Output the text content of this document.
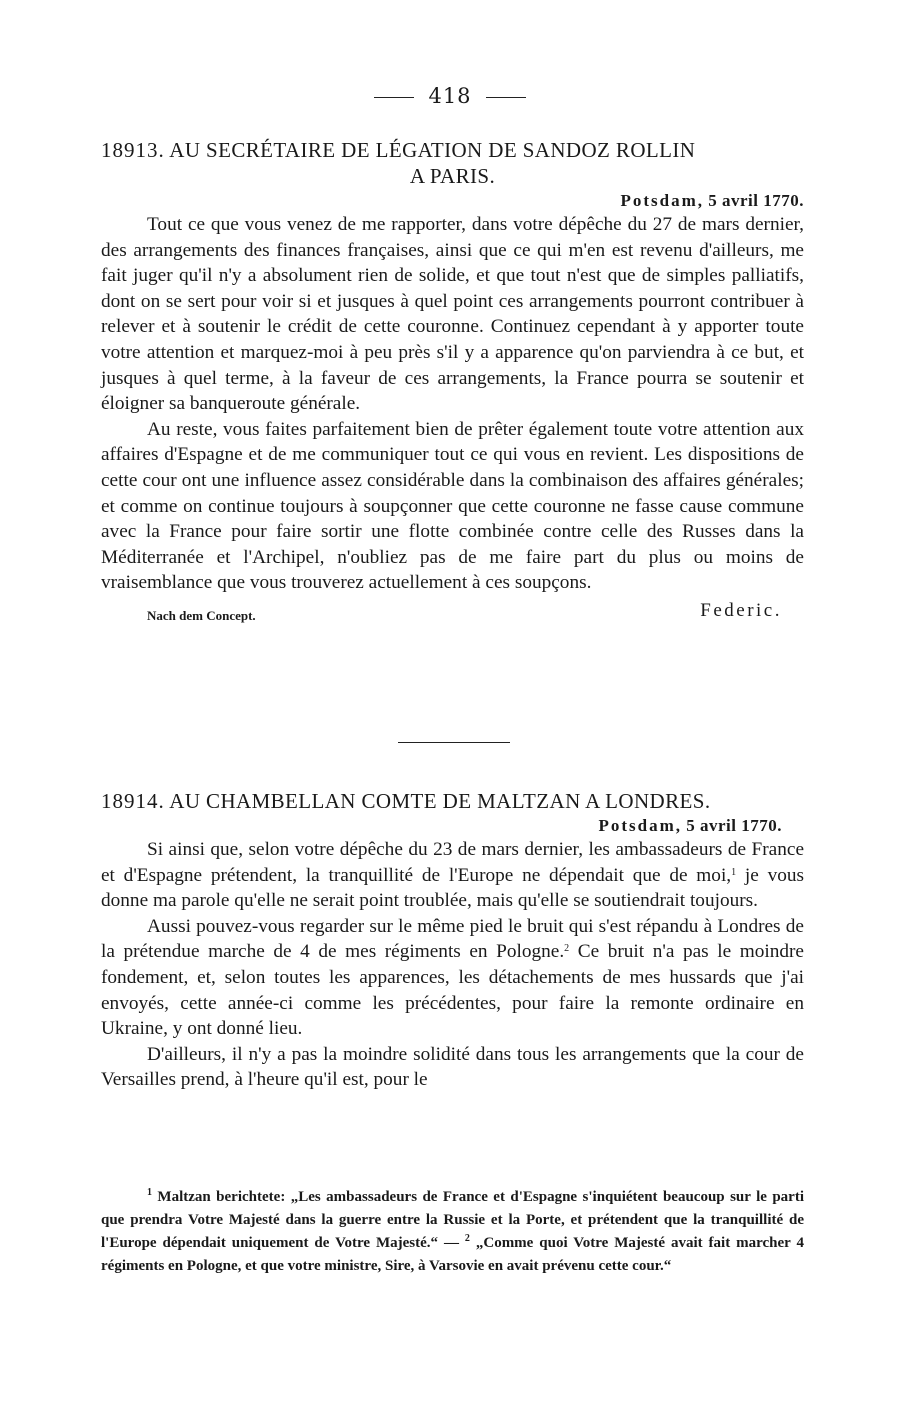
418
18913. AU SECRÉTAIRE DE LÉGATION DE SANDOZ ROLLIN
A PARIS.
Potsdam, 5 avril 1770.

Tout ce que vous venez de me rapporter, dans votre dépêche du 27 de mars dernier, des arrangements des finances françaises, ainsi que ce qui m'en est revenu d'ailleurs, me fait juger qu'il n'y a absolument rien de solide, et que tout n'est que de simples palliatifs, dont on se sert pour voir si et jusques à quel point ces arrangements pourront contribuer à relever et à soutenir le crédit de cette couronne. Continuez cependant à y apporter toute votre attention et marquez-moi à peu près s'il y a apparence qu'on parviendra à ce but, et jusques à quel terme, à la faveur de ces arrangements, la France pourra se soutenir et éloigner sa banqueroute générale.

Au reste, vous faites parfaitement bien de prêter également toute votre attention aux affaires d'Espagne et de me communiquer tout ce qui vous en revient. Les dispositions de cette cour ont une influence assez considérable dans la combinaison des affaires générales; et comme on continue toujours à soupçonner que cette couronne ne fasse cause commune avec la France pour faire sortir une flotte combinée contre celle des Russes dans la Méditerranée et l'Archipel, n'oubliez pas de me faire part du plus ou moins de vraisemblance que vous trouverez actuellement à ces soupçons.

Nach dem Concept.	Federic.
18914. AU CHAMBELLAN COMTE DE MALTZAN A LONDRES.
Potsdam, 5 avril 1770.

Si ainsi que, selon votre dépêche du 23 de mars dernier, les ambassadeurs de France et d'Espagne prétendent, la tranquillité de l'Europe ne dépendait que de moi,$^1$ je vous donne ma parole qu'elle ne serait point troublée, mais qu'elle se soutiendrait toujours.

Aussi pouvez-vous regarder sur le même pied le bruit qui s'est répandu à Londres de la prétendue marche de 4 de mes régiments en Pologne.$^2$ Ce bruit n'a pas le moindre fondement, et, selon toutes les apparences, les détachements de mes hussards que j'ai envoyés, cette année-ci comme les précédentes, pour faire la remonte ordinaire en Ukraine, y ont donné lieu.

D'ailleurs, il n'y a pas la moindre solidité dans tous les arrangements que la cour de Versailles prend, à l'heure qu'il est, pour le

$^1$ Maltzan berichtete: „Les ambassadeurs de France et d'Espagne s'inquiétent beaucoup sur le parti que prendra Votre Majesté dans la guerre entre la Russie et la Porte, et prétendent que la tranquillité de l'Europe dépendait uniquement de Votre Majesté.“ — $^2$ „Comme quoi Votre Majesté avait fait marcher 4 régiments en Pologne, et que votre ministre, Sire, à Varsovie en avait prévenu cette cour.“
